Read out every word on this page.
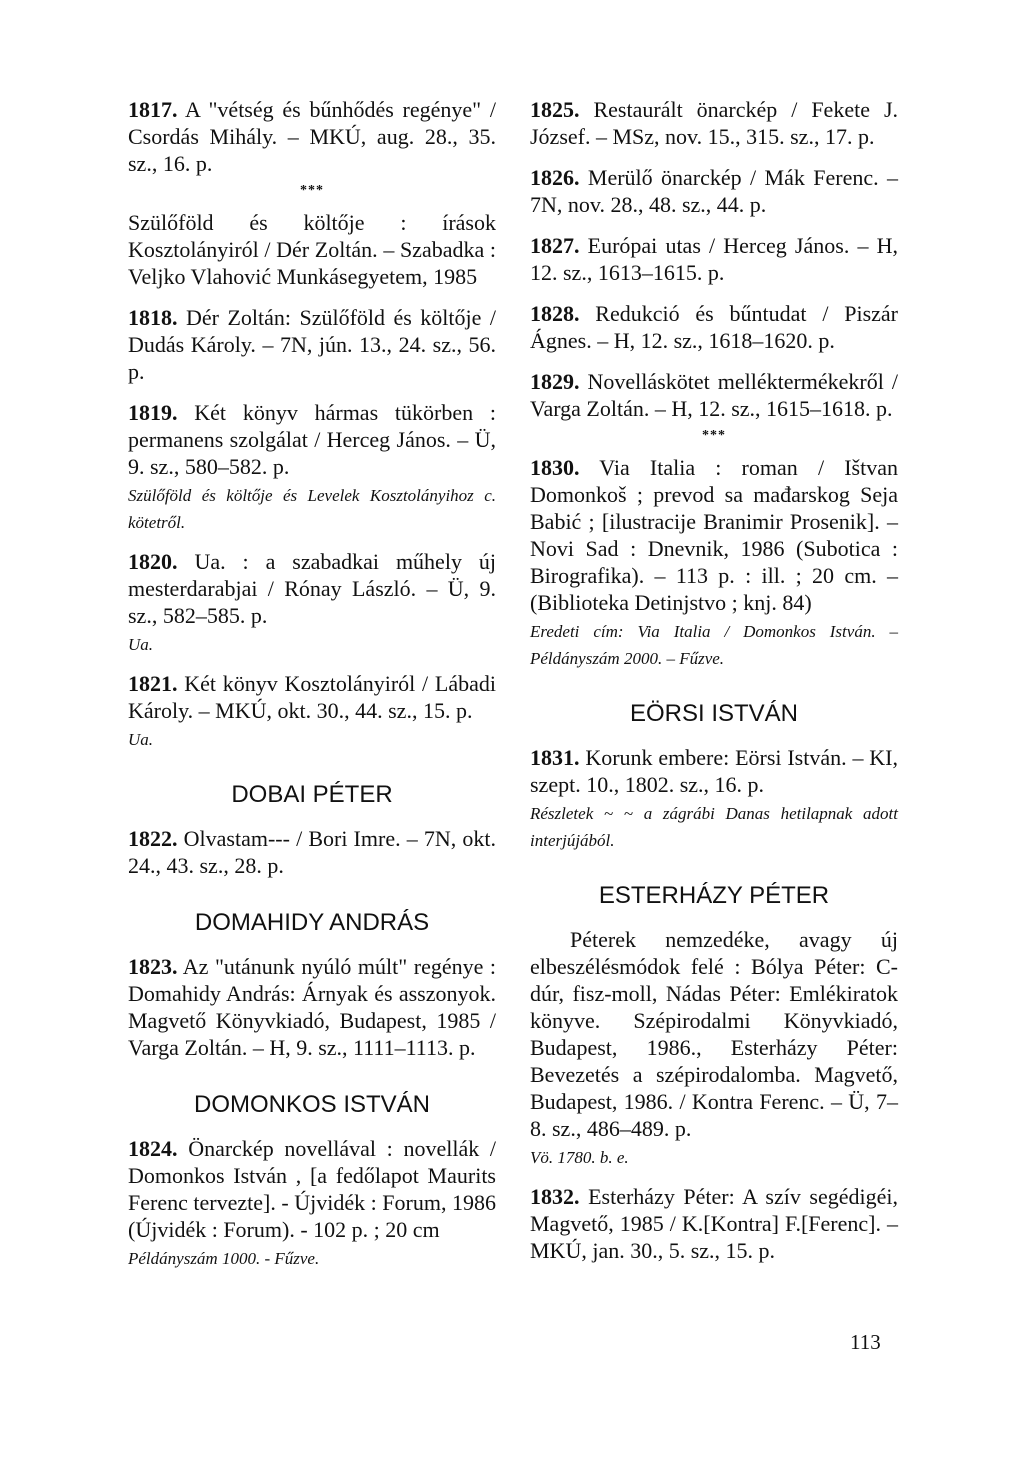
1817. A "vétség és bűnhődés regénye" / Csordás Mihály. – MKÚ, aug. 28., 35. sz., 16. p.

***

Szülőföld és költője : írások Kosztolányiról / Dér Zoltán. – Szabadka : Veljko Vlahović Munkásegyetem, 1985

1818. Dér Zoltán: Szülőföld és költője / Dudás Károly. – 7N, jún. 13., 24. sz., 56. p.

1819. Két könyv hármas tükörben : permanens szolgálat / Herceg János. – Ü, 9. sz., 580–582. p.
Szülőföld és költője és Levelek Kosztolányihoz c. kötetről.

1820. Ua. : a szabadkai műhely új mesterdarabjai / Rónay László. – Ü, 9. sz., 582–585. p.
Ua.

1821. Két könyv Kosztolányiról / Lábadi Károly. – MKÚ, okt. 30., 44. sz., 15. p.
Ua.

DOBAI PÉTER

1822. Olvastam--- / Bori Imre. – 7N, okt. 24., 43. sz., 28. p.

DOMAHIDY ANDRÁS

1823. Az "utánunk nyúló múlt" regénye : Domahidy András: Árnyak és asszonyok. Magvető Könyvkiadó, Budapest, 1985 / Varga Zoltán. – H, 9. sz., 1111–1113. p.

DOMONKOS ISTVÁN

1824. Önarckép novellával : novellák / Domonkos István , [a fedőlapot Maurits Ferenc tervezte]. - Újvidék : Forum, 1986 (Újvidék : Forum). - 102 p. ; 20 cm
Példányszám 1000. - Fűzve.

1825. Restaurált önarckép / Fekete J. József. – MSz, nov. 15., 315. sz., 17. p.

1826. Merülő önarckép / Mák Ferenc. – 7N, nov. 28., 48. sz., 44. p.

1827. Európai utas / Herceg János. – H, 12. sz., 1613–1615. p.

1828. Redukció és bűntudat / Piszár Ágnes. – H, 12. sz., 1618–1620. p.

1829. Novelláskötet melléktermékekről / Varga Zoltán. – H, 12. sz., 1615–1618. p.

***

1830. Via Italia : roman / Ištvan Domonkoš ; prevod sa mađarskog Seja Babić ; [ilustracije Branimir Prosenik]. – Novi Sad : Dnevnik, 1986 (Subotica : Birografika). – 113 p. : ill. ; 20 cm. – (Biblioteka Detinjstvo ; knj. 84)
Eredeti cím: Via Italia / Domonkos István. – Példányszám 2000. – Fűzve.

EÖRSI ISTVÁN

1831. Korunk embere: Eörsi István. – KI, szept. 10., 1802. sz., 16. p.
Részletek ~ ~ a zágrábi Danas hetilapnak adott interjújából.

ESTERHÁZY PÉTER

Péterek nemzedéke, avagy új elbeszélésmódok felé : Bólya Péter: C-dúr, fisz-moll, Nádas Péter: Emlékiratok könyve. Szépirodalmi Könyvkiadó, Budapest, 1986., Esterházy Péter: Bevezetés a szépirodalomba. Magvető, Budapest, 1986. / Kontra Ferenc. – Ü, 7–8. sz., 486–489. p.
Vö. 1780. b. e.

1832. Esterházy Péter: A szív segédigéi, Magvető, 1985 / K.[Kontra] F.[Ferenc]. – MKÚ, jan. 30., 5. sz., 15. p.

113
